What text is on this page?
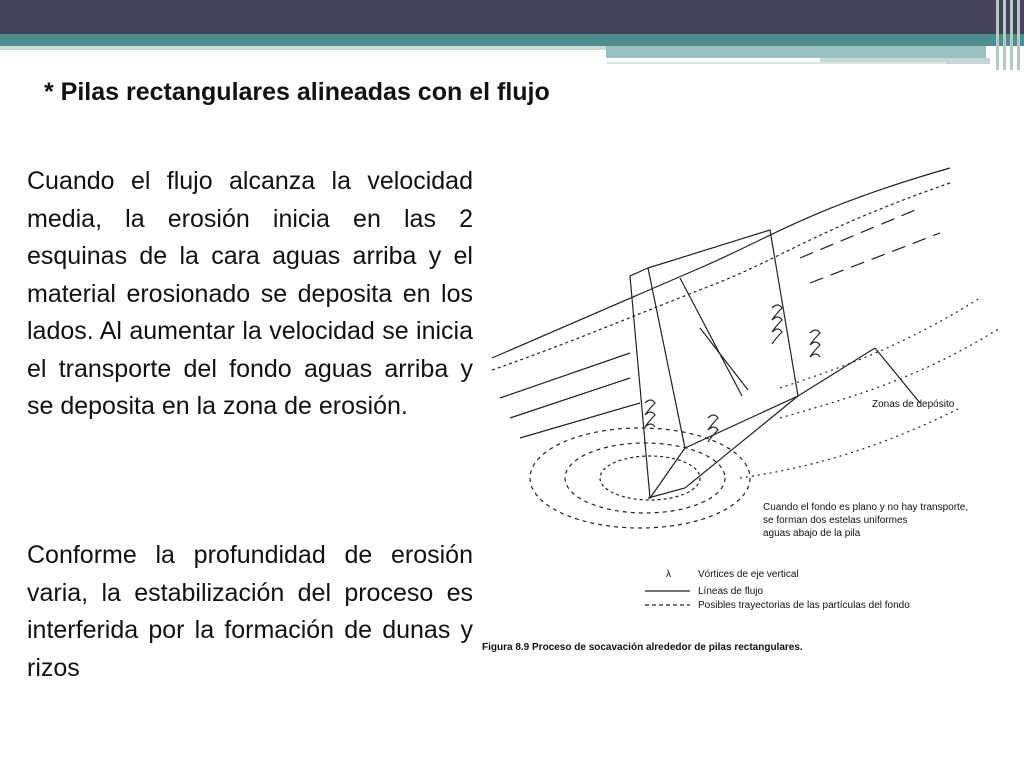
* Pilas rectangulares alineadas con el flujo
Cuando el flujo alcanza la velocidad media, la erosión inicia en las 2 esquinas de la cara aguas arriba y el material erosionado se deposita en los lados. Al aumentar la velocidad se inicia el transporte del fondo aguas arriba y se deposita en la zona de erosión.
Conforme la profundidad de erosión varia, la estabilización del proceso es interferida por la formación de dunas y rizos
Zonas de depósito
Cuando el fondo es plano y no hay transporte,
se forman dos estelas uniformes
aguas abajo de la pila
λ	Vórtices de eje vertical
Líneas de flujo
Posibles trayectorias de las partículas del fondo
Figura 8.9 Proceso de socavación alrededor de pilas rectangulares.
